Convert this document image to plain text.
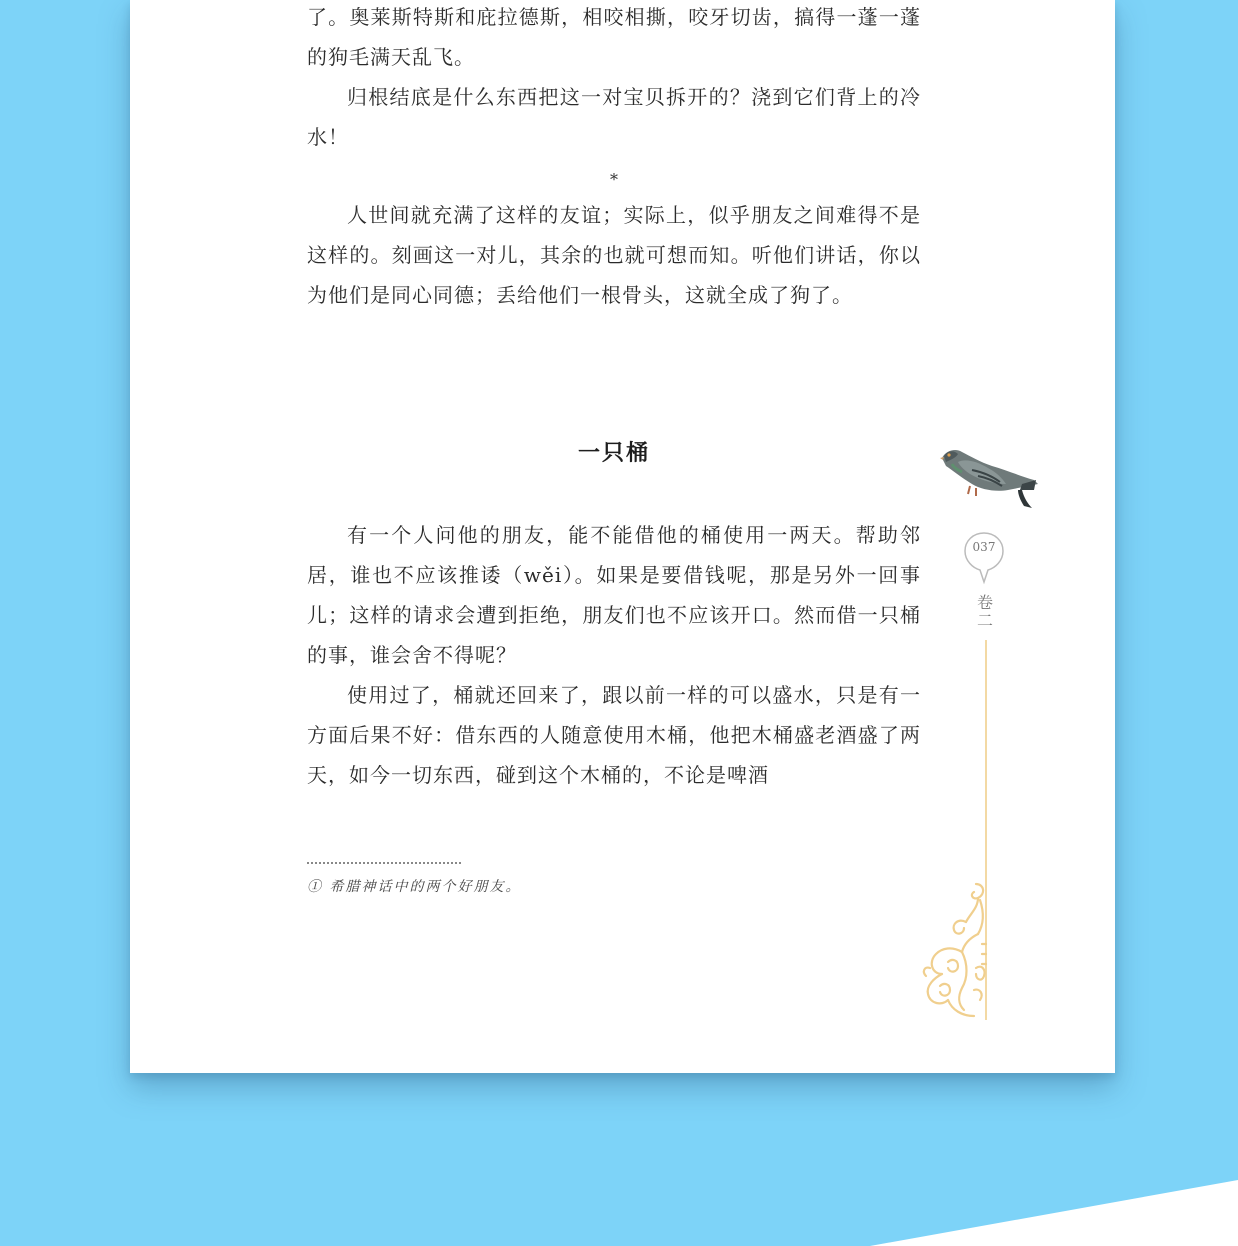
了。奥莱斯特斯和庇拉德斯，相咬相撕，咬牙切齿，搞得一蓬一蓬的狗毛满天乱飞。

归根结底是什么东西把这一对宝贝拆开的？浇到它们背上的冷水！

*

人世间就充满了这样的友谊；实际上，似乎朋友之间难得不是这样的。刻画这一对儿，其余的也就可想而知。听他们讲话，你以为他们是同心同德；丢给他们一根骨头，这就全成了狗了。

一只桶

有一个人问他的朋友，能不能借他的桶使用一两天。帮助邻居，谁也不应该推诿（wěi）。如果是要借钱呢，那是另外一回事儿；这样的请求会遭到拒绝，朋友们也不应该开口。然而借一只桶的事，谁会舍不得呢？

使用过了，桶就还回来了，跟以前一样的可以盛水，只是有一方面后果不好：借东西的人随意使用木桶，他把木桶盛老酒盛了两天，如今一切东西，碰到这个木桶的，不论是啤酒

① 希腊神话中的两个好朋友。
037
卷二
